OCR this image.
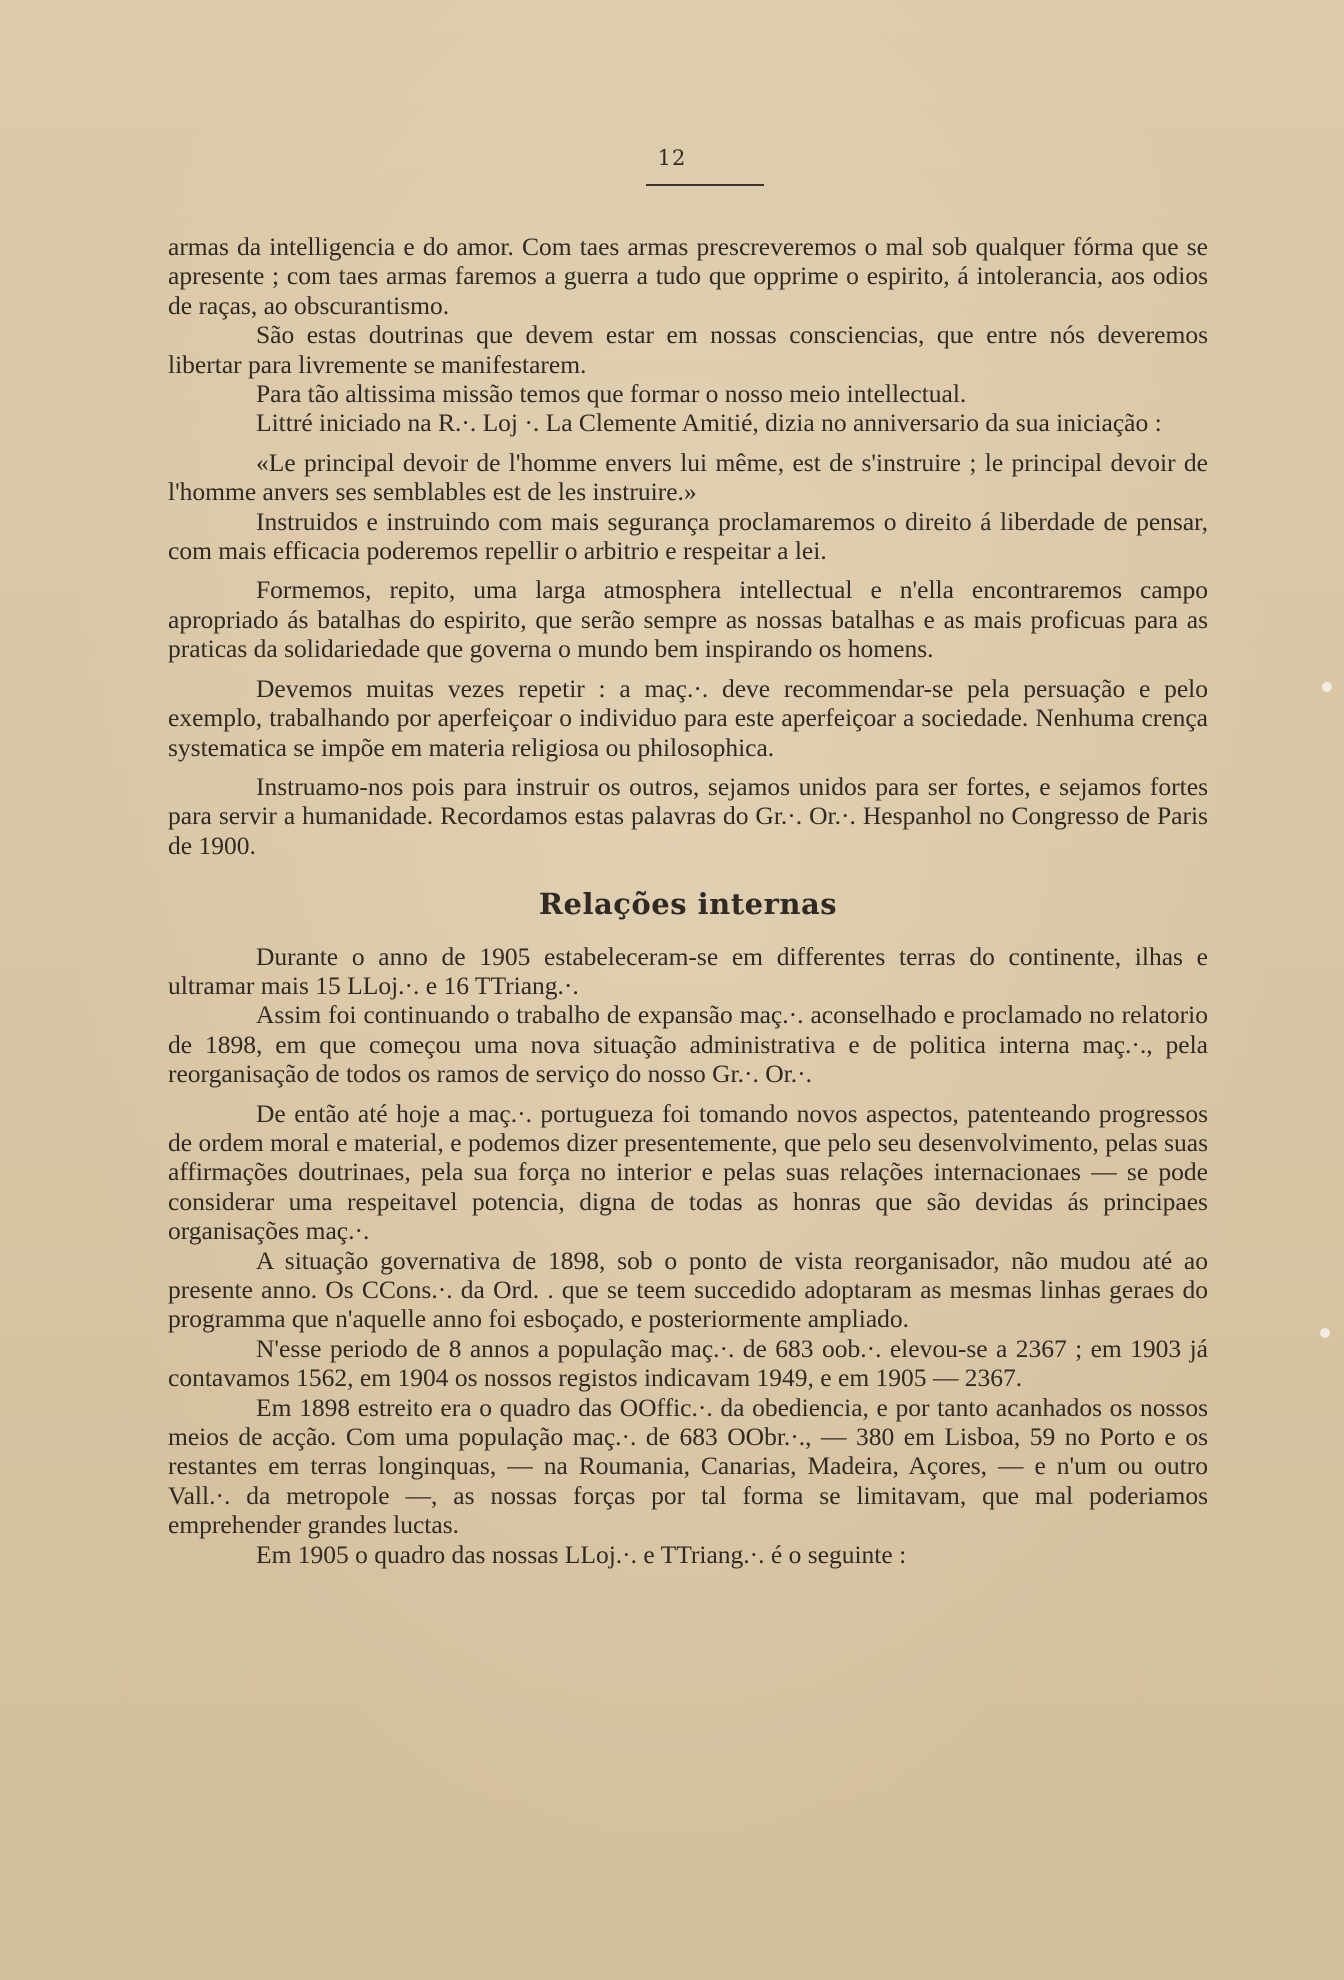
12

armas da intelligencia e do amor. Com taes armas prescreveremos o mal sob qualquer fórma que se apresente ; com taes armas faremos a guerra a tudo que opprime o espirito, á intolerancia, aos odios de raças, ao obscurantismo.

São estas doutrinas que devem estar em nossas consciencias, que entre nós deveremos libertar para livremente se manifestarem.

Para tão altissima missão temos que formar o nosso meio intellectual.

Littré iniciado na R.·. Loj ·. La Clemente Amitié, dizia no anniversario da sua iniciação :

«Le principal devoir de l'homme envers lui même, est de s'instruire ; le principal devoir de l'homme anvers ses semblables est de les instruire.»

Instruidos e instruindo com mais segurança proclamaremos o direito á liberdade de pensar, com mais efficacia poderemos repellir o arbitrio e respeitar a lei.

Formemos, repito, uma larga atmosphera intellectual e n'ella encontraremos campo apropriado ás batalhas do espirito, que serão sempre as nossas batalhas e as mais proficuas para as praticas da solidariedade que governa o mundo bem inspirando os homens.

Devemos muitas vezes repetir : a maç.·. deve recommendar-se pela persuação e pelo exemplo, trabalhando por aperfeiçoar o individuo para este aperfeiçoar a sociedade. Nenhuma crença systematica se impõe em materia religiosa ou philosophica.

Instruamo-nos pois para instruir os outros, sejamos unidos para ser fortes, e sejamos fortes para servir a humanidade. Recordamos estas palavras do Gr.·. Or.·. Hespanhol no Congresso de Paris de 1900.

Relações internas

Durante o anno de 1905 estabeleceram-se em differentes terras do continente, ilhas e ultramar mais 15 LLoj.·. e 16 TTriang.·.

Assim foi continuando o trabalho de expansão maç.·. aconselhado e proclamado no relatorio de 1898, em que começou uma nova situação administrativa e de politica interna maç.·., pela reorganisação de todos os ramos de serviço do nosso Gr.·. Or.·.

De então até hoje a maç.·. portugueza foi tomando novos aspectos, patenteando progressos de ordem moral e material, e podemos dizer presentemente, que pelo seu desenvolvimento, pelas suas affirmações doutrinaes, pela sua força no interior e pelas suas relações internacionaes — se pode considerar uma respeitavel potencia, digna de todas as honras que são devidas ás principaes organisações maç.·.

A situação governativa de 1898, sob o ponto de vista reorganisador, não mudou até ao presente anno. Os CCons.·. da Ord. . que se teem succedido adoptaram as mesmas linhas geraes do programma que n'aquelle anno foi esboçado, e posteriormente ampliado.

N'esse periodo de 8 annos a população maç.·. de 683 oob.·. elevou-se a 2367 ; em 1903 já contavamos 1562, em 1904 os nossos registos indicavam 1949, e em 1905 — 2367.

Em 1898 estreito era o quadro das OOffic.·. da obediencia, e por tanto acanhados os nossos meios de acção. Com uma população maç.·. de 683 OObr.·., — 380 em Lisboa, 59 no Porto e os restantes em terras longinquas, — na Roumania, Canarias, Madeira, Açores, — e n'um ou outro Vall.·. da metropole —, as nossas forças por tal forma se limitavam, que mal poderiamos emprehender grandes luctas.

Em 1905 o quadro das nossas LLoj.·. e TTriang.·. é o seguinte :
